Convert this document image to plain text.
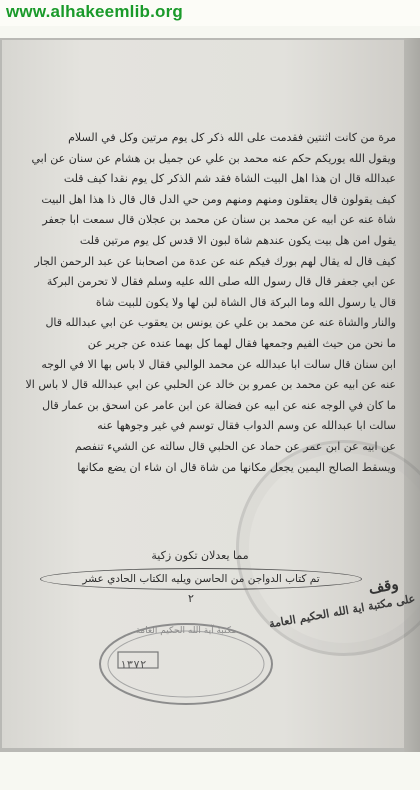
www.alhakeemlib.org

مرة من كانت اثنتين فقدمت على الله ذكر كل يوم مرتين وكل في السلام

ويقول الله يوريكم حكم عنه محمد بن علي عن جميل بن هشام عن سنان عن ابي

عبدالله قال ان هذا اهل البيت الشاة فقد شم الذكر كل يوم نقدا كيف قلت

كيف يقولون قال يعقلون ومنهم ومنهم ومن حي الدل قال قال ذا هذا اهل البيت

شاة عنه عن ابيه عن محمد بن سنان عن محمد بن عجلان قال سمعت ابا جعفر

يقول امن هل بيت يكون عندهم شاة لبون الا قدس كل يوم مرتين قلت

كيف قال له يقال لهم بورك فيكم عنه عن عدة من اصحابنا عن عبد الرحمن الجار

عن ابي جعفر قال قال رسول الله صلى الله عليه وسلم فقال لا تحرمن البركة

قال يا رسول الله وما البركة قال الشاة لبن لها ولا يكون للبيت شاة

والنار والشاة عنه عن محمد بن علي عن يونس بن يعقوب عن ابي عبدالله قال

ما نحن من حيث الفيم وجمعها فقال لهما كل بهما عنده عن جرير عن

ابن سنان قال سالت ابا عبدالله عن محمد الوالبي فقال لا باس بها الا في الوجه

عنه عن ابيه عن محمد بن عمرو بن خالد عن الحلبي عن ابي عبدالله قال لا باس الا

ما كان في الوجه عنه عن ابيه عن فضالة عن ابن عامر عن اسحق بن عمار قال

سالت ابا عبدالله عن وسم الدواب فقال توسم في غير وجوهها عنه

عن ابيه عن ابن عمر عن حماد عن الحلبي قال سالته عن الشيء تنفصم

ويسقط الصالح اليمين يجعل مكانها من شاة قال ان شاء ان يضع مكانها

مما يعدلان تكون زكية
تم كتاب الدواجن من الحاسن ويليه الكتاب الحادي عشر
٢
وقف
على مكتبة اية الله الحكيم العامة
مكتبة آية الله الحكيم العامة
١٣٧٢
